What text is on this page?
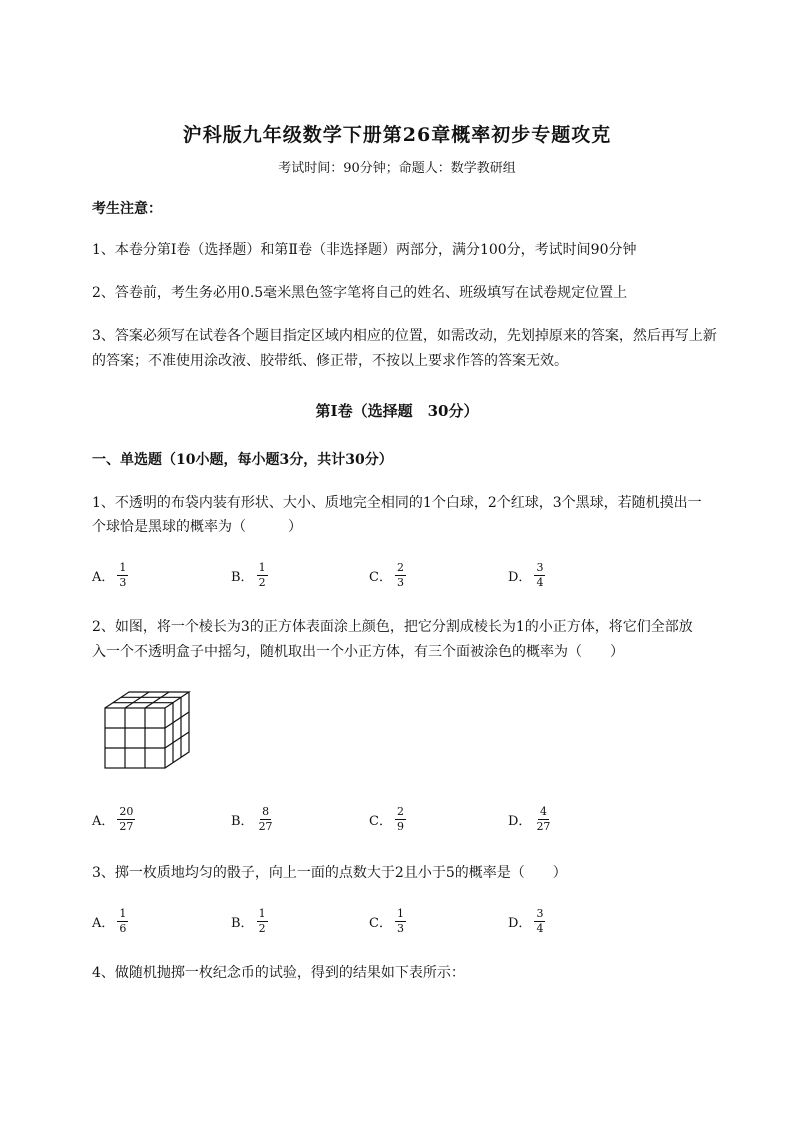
沪科版九年级数学下册第26章概率初步专题攻克
考试时间：90分钟；命题人：数学教研组
考生注意：
1、本卷分第Ⅰ卷（选择题）和第Ⅱ卷（非选择题）两部分，满分100分，考试时间90分钟
2、答卷前，考生务必用0.5毫米黑色签字笔将自己的姓名、班级填写在试卷规定位置上
3、答案必须写在试卷各个题目指定区域内相应的位置，如需改动，先划掉原来的答案，然后再写上新
的答案；不准使用涂改液、胶带纸、修正带，不按以上要求作答的答案无效。
第Ⅰ卷（选择题　30分）
一、单选题（10小题，每小题3分，共计30分）
1、不透明的布袋内装有形状、大小、质地完全相同的1个白球，2个红球，3个黑球，若随机摸出一
个球恰是黑球的概率为（　　　）
A． $\frac{1}{3}$	B． $\frac{1}{2}$	C． $\frac{2}{3}$	D． $\frac{3}{4}$
2、如图，将一个棱长为3的正方体表面涂上颜色，把它分割成棱长为1的小正方体，将它们全部放
入一个不透明盒子中摇匀，随机取出一个小正方体，有三个面被涂色的概率为（　　）
A． $\frac{20}{27}$	B． $\frac{8}{27}$	C． $\frac{2}{9}$	D． $\frac{4}{27}$
3、掷一枚质地均匀的骰子，向上一面的点数大于2且小于5的概率是（　　）
A． $\frac{1}{6}$	B． $\frac{1}{2}$	C． $\frac{1}{3}$	D． $\frac{3}{4}$
4、做随机抛掷一枚纪念币的试验，得到的结果如下表所示：
